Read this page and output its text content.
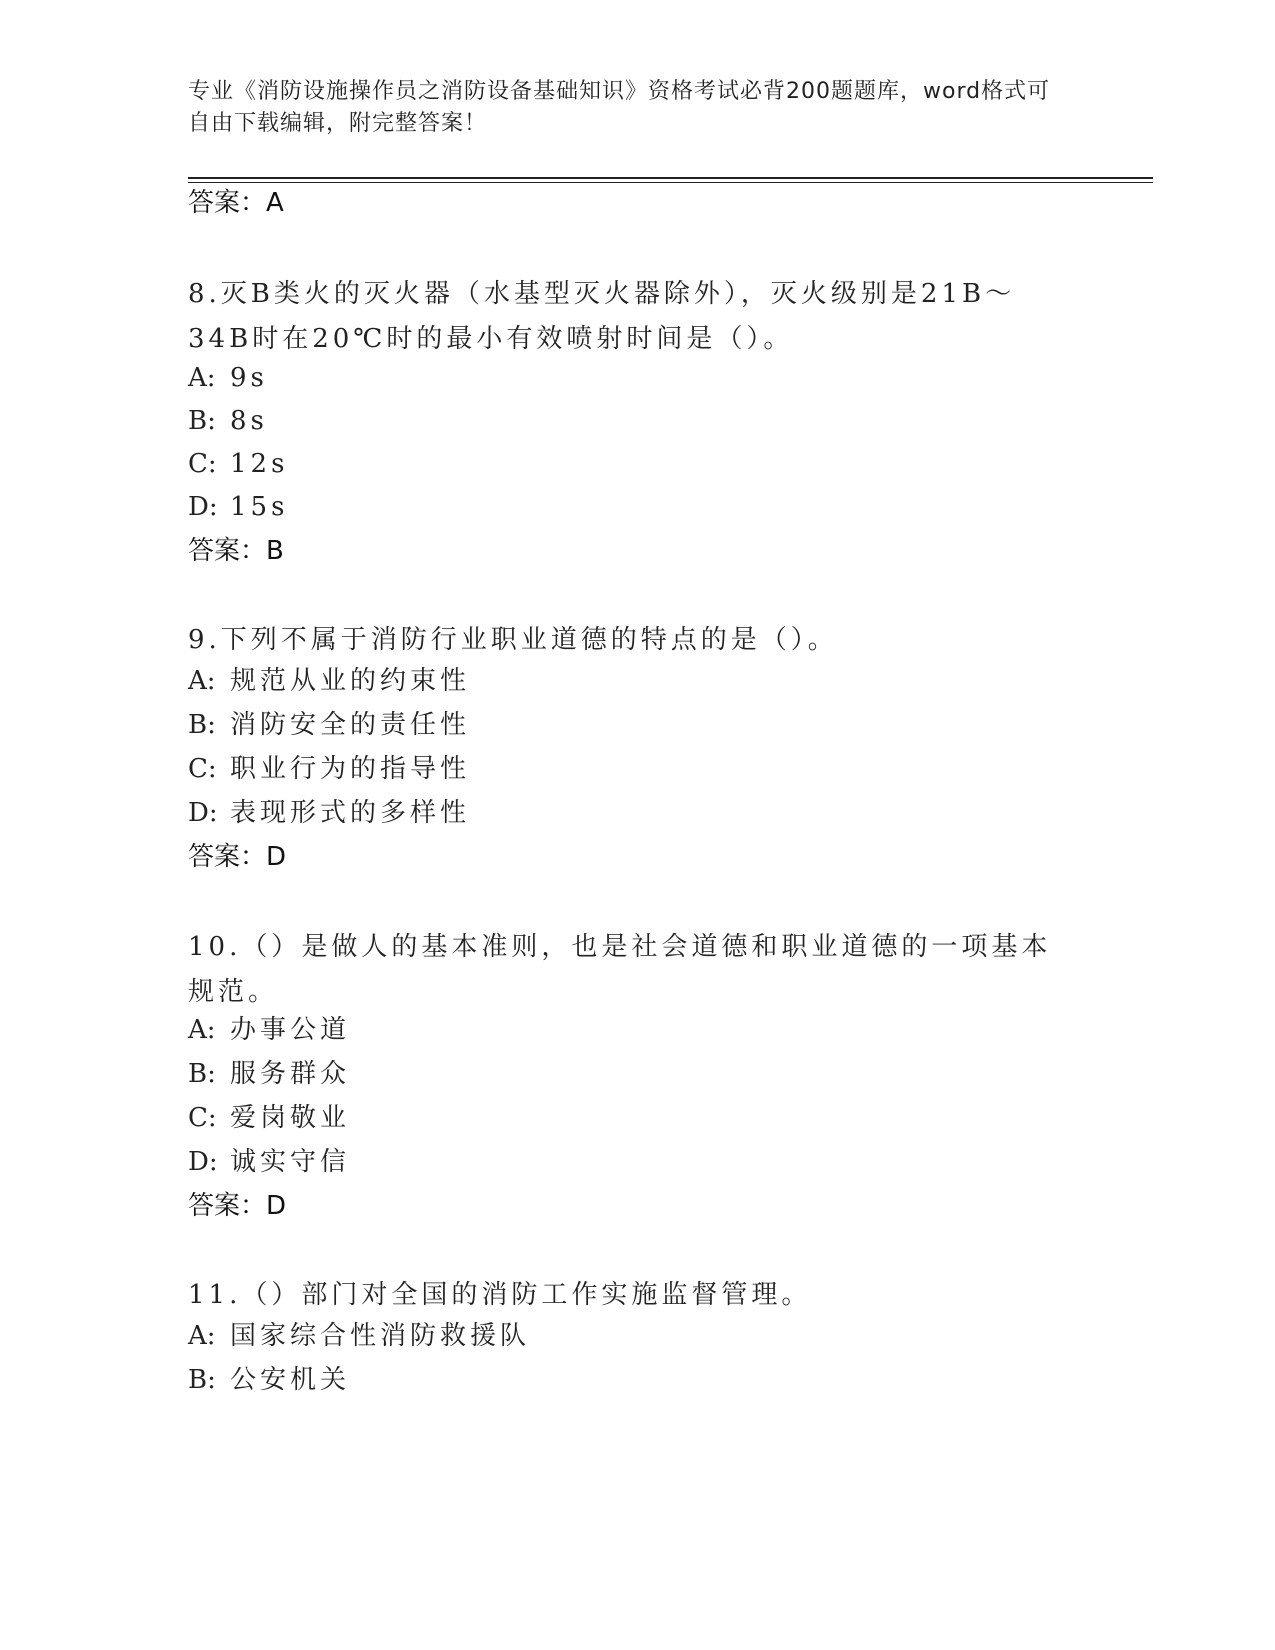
专业《消防设施操作员之消防设备基础知识》资格考试必背200题题库，word格式可自由下载编辑，附完整答案！
答案：A
8.灭B类火的灭火器（水基型灭火器除外），灭火级别是21B～34B时在20℃时的最小有效喷射时间是（）。
A: 9s
B: 8s
C: 12s
D: 15s
答案：B
9.下列不属于消防行业职业道德的特点的是（）。
A: 规范从业的约束性
B: 消防安全的责任性
C: 职业行为的指导性
D: 表现形式的多样性
答案：D
10.（）是做人的基本准则，也是社会道德和职业道德的一项基本规范。
A: 办事公道
B: 服务群众
C: 爱岗敬业
D: 诚实守信
答案：D
11.（）部门对全国的消防工作实施监督管理。
A: 国家综合性消防救援队
B: 公安机关
